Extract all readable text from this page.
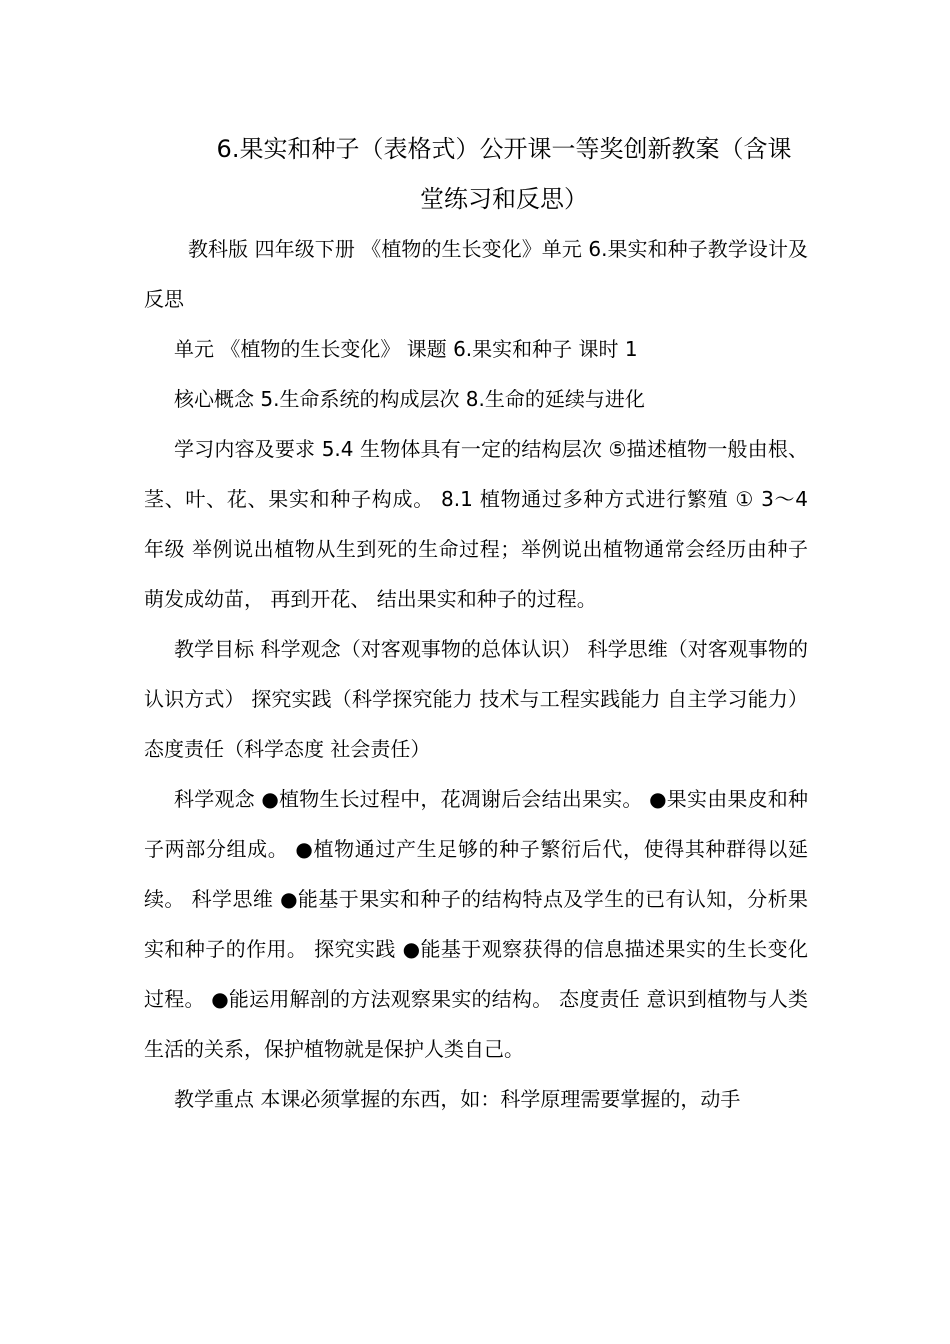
6.果实和种子（表格式）公开课一等奖创新教案（含课
堂练习和反思）

教科版 四年级下册 《植物的生长变化》单元 6.果实和种子教学设计及反思

单元 《植物的生长变化》 课题 6.果实和种子 课时 1

核心概念 5.生命系统的构成层次 8.生命的延续与进化

学习内容及要求 5.4 生物体具有一定的结构层次 ⑤描述植物一般由根、茎、叶、花、果实和种子构成。 8.1 植物通过多种方式进行繁殖 ① 3～4 年级 举例说出植物从生到死的生命过程；举例说出植物通常会经历由种子萌发成幼苗， 再到开花、 结出果实和种子的过程。

教学目标 科学观念（对客观事物的总体认识） 科学思维（对客观事物的认识方式） 探究实践（科学探究能力 技术与工程实践能力 自主学习能力） 态度责任（科学态度 社会责任）

科学观念 ●植物生长过程中，花凋谢后会结出果实。 ●果实由果皮和种子两部分组成。 ●植物通过产生足够的种子繁衍后代，使得其种群得以延续。 科学思维 ●能基于果实和种子的结构特点及学生的已有认知，分析果实和种子的作用。 探究实践 ●能基于观察获得的信息描述果实的生长变化过程。 ●能运用解剖的方法观察果实的结构。 态度责任 意识到植物与人类生活的关系，保护植物就是保护人类自己。

教学重点 本课必须掌握的东西，如：科学原理需要掌握的，动手
